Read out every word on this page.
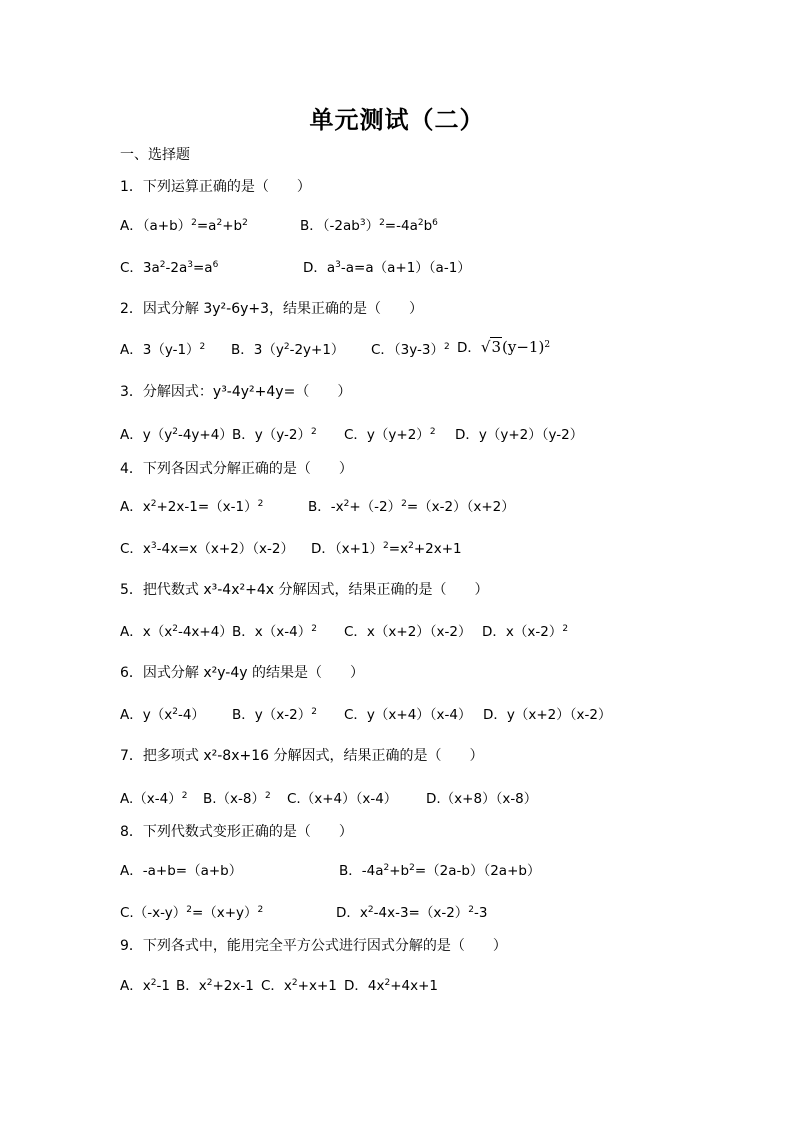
单元测试（二）
一、选择题
1．下列运算正确的是（　　）
A．$(a+b)^2=a^2+b^2$	B．$(-2ab^3)^2=-4a^2b^6$
C．$3a^2-2a^3=a^6$	D．$a^3-a=a(a+1)(a-1)$
2．因式分解 3y²-6y+3，结果正确的是（　　）
A．$3(y-1)^2$ B．$3(y^2-2y+1)$ C．$(3y-3)^2$ D．$√3(y-1)^2$
3．分解因式：y³-4y²+4y=（　　）
A．$y(y^2-4y+4)$ B．$y(y-2)^2$ C．$y(y+2)^2$ D．y（y+2）（y-2）
4．下列各因式分解正确的是（　　）
A．$x^2+2x-1=(x-1)^2$	B．$-x^2+(-2)^2=(x-2)(x+2)$
C．$x^3-4x=x(x+2)(x-2)$ D．$(x+1)^2=x^2+2x+1$
5．把代数式 x³-4x²+4x 分解因式，结果正确的是（　　）
A．$x(x^2-4x+4)$ B．$x(x-4)^2$ C．x（x+2）（x-2） D．$x(x-2)^2$
6．因式分解 x²y-4y 的结果是（　　）
A．$y(x^2-4)$ B．$y(x-2)^2$ C．y（x+4）（x-4） D．y（x+2）（x-2）
7．把多项式 x²-8x+16 分解因式，结果正确的是（　　）
$A.(x-4)^2$ $B.(x-8)^2$ C.（x+4）（x-4） D.（x+8）（x-8）
8．下列代数式变形正确的是（　　）
A．-a+b=（a+b）	B．$-4a^2+b^2=(2a-b)(2a+b)$
$C.(-x-y)^2=(x+y)^2$	D．$x^2-4x-3=(x-2)^2-3$
9．下列各式中，能用完全平方公式进行因式分解的是（　　）
A．$x^2-1$ B．$x^2+2x-1$ C．$x^2+x+1$ D．$4x^2+4x+1$
